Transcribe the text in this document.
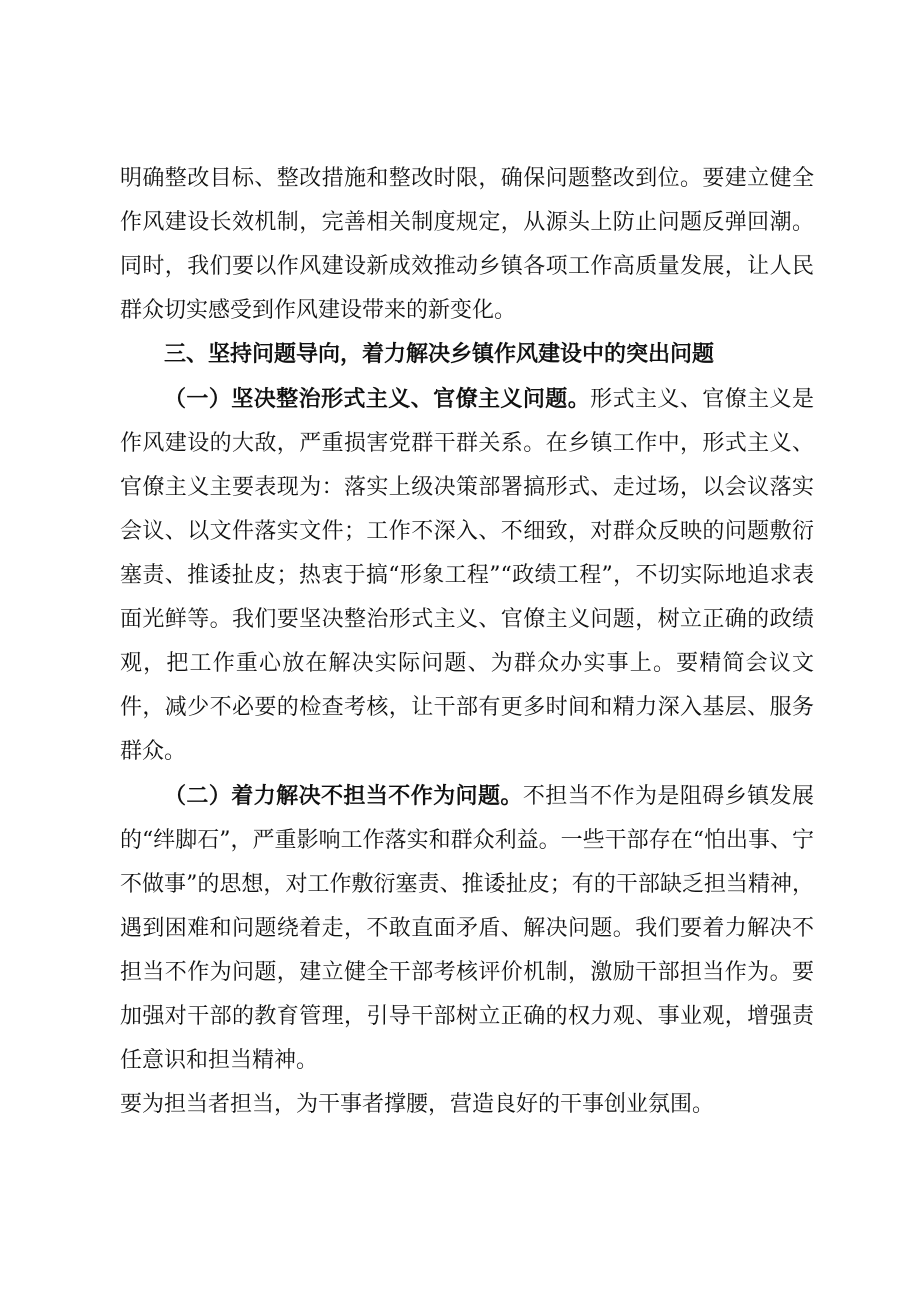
明确整改目标、整改措施和整改时限，确保问题整改到位。要建立健全作风建设长效机制，完善相关制度规定，从源头上防止问题反弹回潮。同时，我们要以作风建设新成效推动乡镇各项工作高质量发展，让人民群众切实感受到作风建设带来的新变化。

三、坚持问题导向，着力解决乡镇作风建设中的突出问题

（一）坚决整治形式主义、官僚主义问题。形式主义、官僚主义是作风建设的大敌，严重损害党群干群关系。在乡镇工作中，形式主义、官僚主义主要表现为：落实上级决策部署搞形式、走过场，以会议落实会议、以文件落实文件；工作不深入、不细致，对群众反映的问题敷衍塞责、推诿扯皮；热衷于搞“形象工程”“政绩工程”，不切实际地追求表面光鲜等。我们要坚决整治形式主义、官僚主义问题，树立正确的政绩观，把工作重心放在解决实际问题、为群众办实事上。要精简会议文件，减少不必要的检查考核，让干部有更多时间和精力深入基层、服务群众。

（二）着力解决不担当不作为问题。不担当不作为是阻碍乡镇发展的“绊脚石”，严重影响工作落实和群众利益。一些干部存在“怕出事、宁不做事”的思想，对工作敷衍塞责、推诿扯皮；有的干部缺乏担当精神，遇到困难和问题绕着走，不敢直面矛盾、解决问题。我们要着力解决不担当不作为问题，建立健全干部考核评价机制，激励干部担当作为。要加强对干部的教育管理，引导干部树立正确的权力观、事业观，增强责任意识和担当精神。

要为担当者担当，为干事者撑腰，营造良好的干事创业氛围。
